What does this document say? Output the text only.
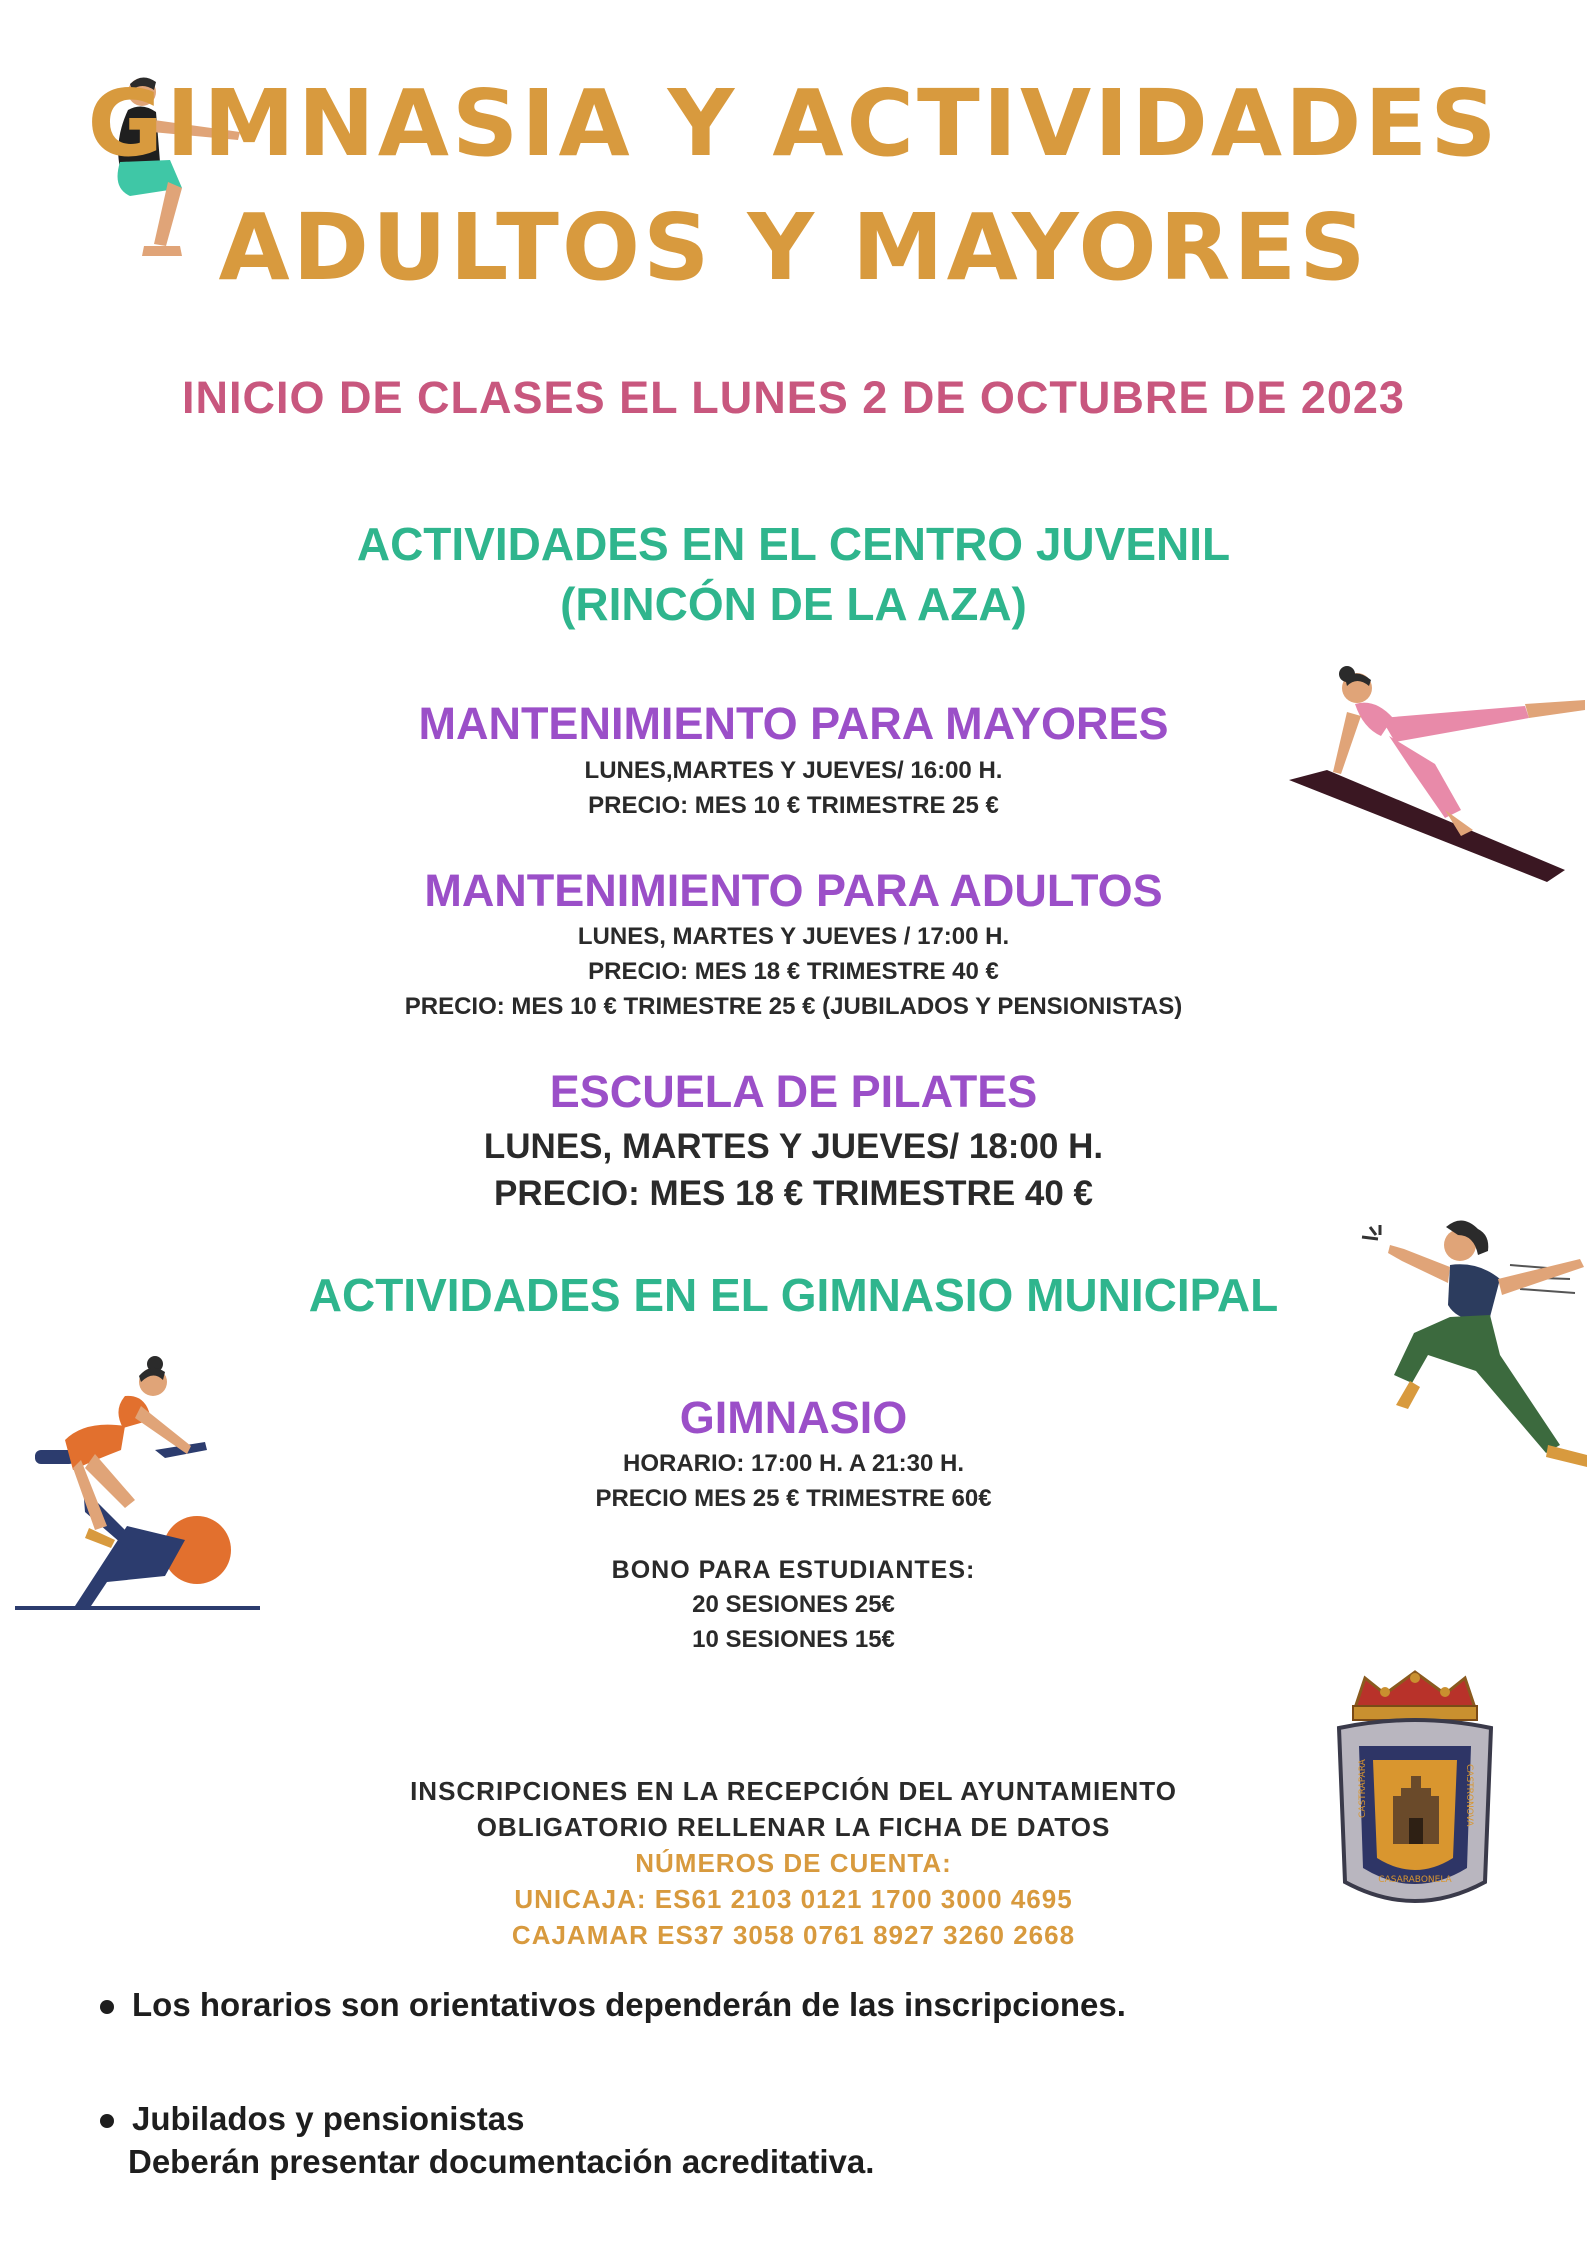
GIMNASIA Y ACTIVIDADES
ADULTOS Y MAYORES
INICIO DE CLASES EL LUNES 2 DE OCTUBRE DE 2023
ACTIVIDADES EN EL CENTRO JUVENIL
(RINCÓN DE LA AZA)
MANTENIMIENTO PARA MAYORES
LUNES,MARTES Y JUEVES/ 16:00 H.
PRECIO: MES 10 € TRIMESTRE 25 €
MANTENIMIENTO PARA ADULTOS
LUNES, MARTES Y JUEVES / 17:00 H.
PRECIO: MES 18 € TRIMESTRE 40 €
PRECIO: MES 10 € TRIMESTRE 25 € (JUBILADOS Y PENSIONISTAS)
ESCUELA DE PILATES
LUNES, MARTES Y JUEVES/ 18:00 H.
PRECIO: MES 18 € TRIMESTRE 40 €
ACTIVIDADES EN EL GIMNASIO MUNICIPAL
GIMNASIO
HORARIO: 17:00 H. A 21:30 H.
PRECIO MES 25 € TRIMESTRE 60€
BONO PARA ESTUDIANTES:
20 SESIONES 25€
10 SESIONES 15€
INSCRIPCIONES EN LA RECEPCIÓN DEL AYUNTAMIENTO
OBLIGATORIO RELLENAR LA FICHA DE DATOS
NÚMEROS DE CUENTA:
UNICAJA: ES61 2103 0121 1700 3000 4695
CAJAMAR ES37 3058 0761 8927 3260 2668
Los horarios son orientativos dependerán de las inscripciones.
Jubilados y pensionistas
Deberán presentar documentación acreditativa.
CASTRAPARA	CASTRONOVA
CASARABONELA
